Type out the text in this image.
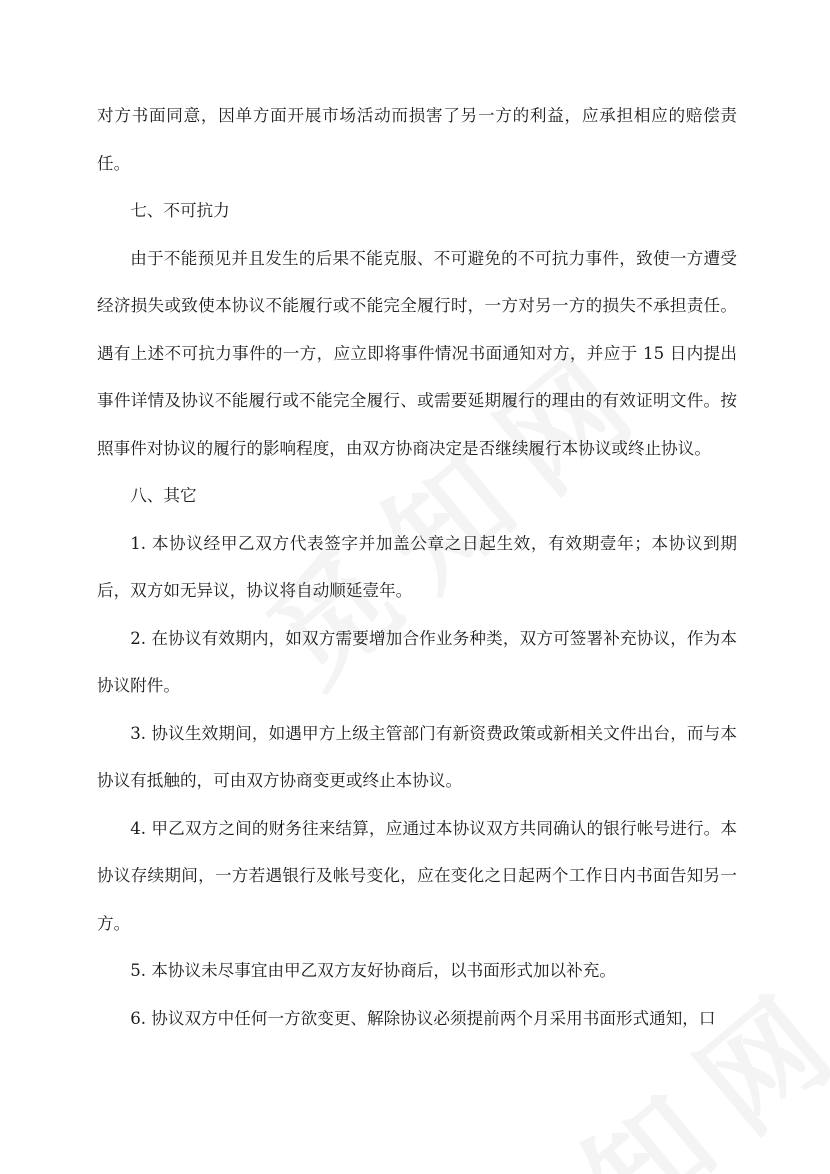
对方书面同意，因单方面开展市场活动而损害了另一方的利益，应承担相应的赔偿责任。

七、不可抗力

由于不能预见并且发生的后果不能克服、不可避免的不可抗力事件，致使一方遭受经济损失或致使本协议不能履行或不能完全履行时，一方对另一方的损失不承担责任。遇有上述不可抗力事件的一方，应立即将事件情况书面通知对方，并应于 15 日内提出事件详情及协议不能履行或不能完全履行、或需要延期履行的理由的有效证明文件。按照事件对协议的履行的影响程度，由双方协商决定是否继续履行本协议或终止协议。

八、其它

1. 本协议经甲乙双方代表签字并加盖公章之日起生效，有效期壹年；本协议到期后，双方如无异议，协议将自动顺延壹年。

2. 在协议有效期内，如双方需要增加合作业务种类，双方可签署补充协议，作为本协议附件。

3. 协议生效期间，如遇甲方上级主管部门有新资费政策或新相关文件出台，而与本协议有抵触的，可由双方协商变更或终止本协议。

4. 甲乙双方之间的财务往来结算，应通过本协议双方共同确认的银行帐号进行。本协议存续期间，一方若遇银行及帐号变化，应在变化之日起两个工作日内书面告知另一方。

5. 本协议未尽事宜由甲乙双方友好协商后，以书面形式加以补充。

6. 协议双方中任何一方欲变更、解除协议必须提前两个月采用书面形式通知，口
